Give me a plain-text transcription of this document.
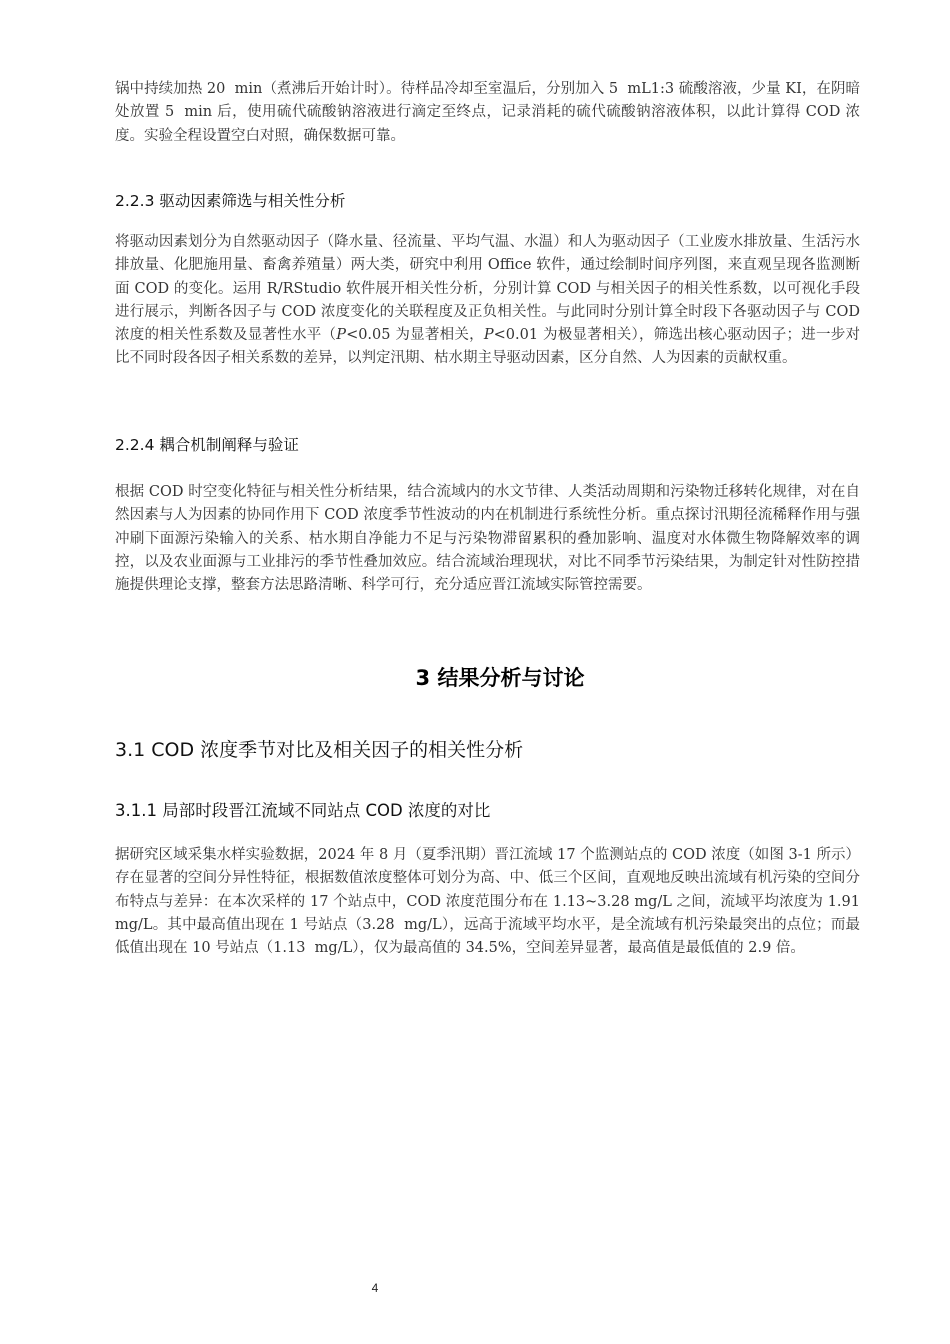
锅中持续加热 20  min（煮沸后开始计时）。待样品冷却至室温后，分别加入 5  mL1:3 硫酸溶液，少量 KI，在阴暗处放置 5  min 后，使用硫代硫酸钠溶液进行滴定至终点，记录消耗的硫代硫酸钠溶液体积，以此计算得 COD 浓度。实验全程设置空白对照，确保数据可靠。

2.2.3 驱动因素筛选与相关性分析

将驱动因素划分为自然驱动因子（降水量、径流量、平均气温、水温）和人为驱动因子（工业废水排放量、生活污水排放量、化肥施用量、畜禽养殖量）两大类，研究中利用 Office 软件，通过绘制时间序列图，来直观呈现各监测断面 COD 的变化。运用 R/RStudio 软件展开相关性分析，分别计算 COD 与相关因子的相关性系数，以可视化手段进行展示，判断各因子与 COD 浓度变化的关联程度及正负相关性。与此同时分别计算全时段下各驱动因子与 COD 浓度的相关性系数及显著性水平（P<0.05 为显著相关，P<0.01 为极显著相关），筛选出核心驱动因子；进一步对比不同时段各因子相关系数的差异，以判定汛期、枯水期主导驱动因素，区分自然、人为因素的贡献权重。

2.2.4 耦合机制阐释与验证

根据 COD 时空变化特征与相关性分析结果，结合流域内的水文节律、人类活动周期和污染物迁移转化规律，对在自然因素与人为因素的协同作用下 COD 浓度季节性波动的内在机制进行系统性分析。重点探讨汛期径流稀释作用与强冲刷下面源污染输入的关系、枯水期自净能力不足与污染物滞留累积的叠加影响、温度对水体微生物降解效率的调控，以及农业面源与工业排污的季节性叠加效应。结合流域治理现状，对比不同季节污染结果，为制定针对性防控措施提供理论支撑，整套方法思路清晰、科学可行，充分适应晋江流域实际管控需要。

3 结果分析与讨论
3.1 COD 浓度季节对比及相关因子的相关性分析
3.1.1 局部时段晋江流域不同站点 COD 浓度的对比

据研究区域采集水样实验数据，2024 年 8 月（夏季汛期）晋江流域 17 个监测站点的 COD 浓度（如图 3-1 所示）存在显著的空间分异性特征，根据数值浓度整体可划分为高、中、低三个区间，直观地反映出流域有机污染的空间分布特点与差异：在本次采样的 17 个站点中，COD 浓度范围分布在 1.13~3.28 mg/L 之间，流域平均浓度为 1.91  mg/L。其中最高值出现在 1 号站点（3.28  mg/L），远高于流域平均水平，是全流域有机污染最突出的点位；而最低值出现在 10 号站点（1.13  mg/L），仅为最高值的 34.5%，空间差异显著，最高值是最低值的 2.9 倍。

4
